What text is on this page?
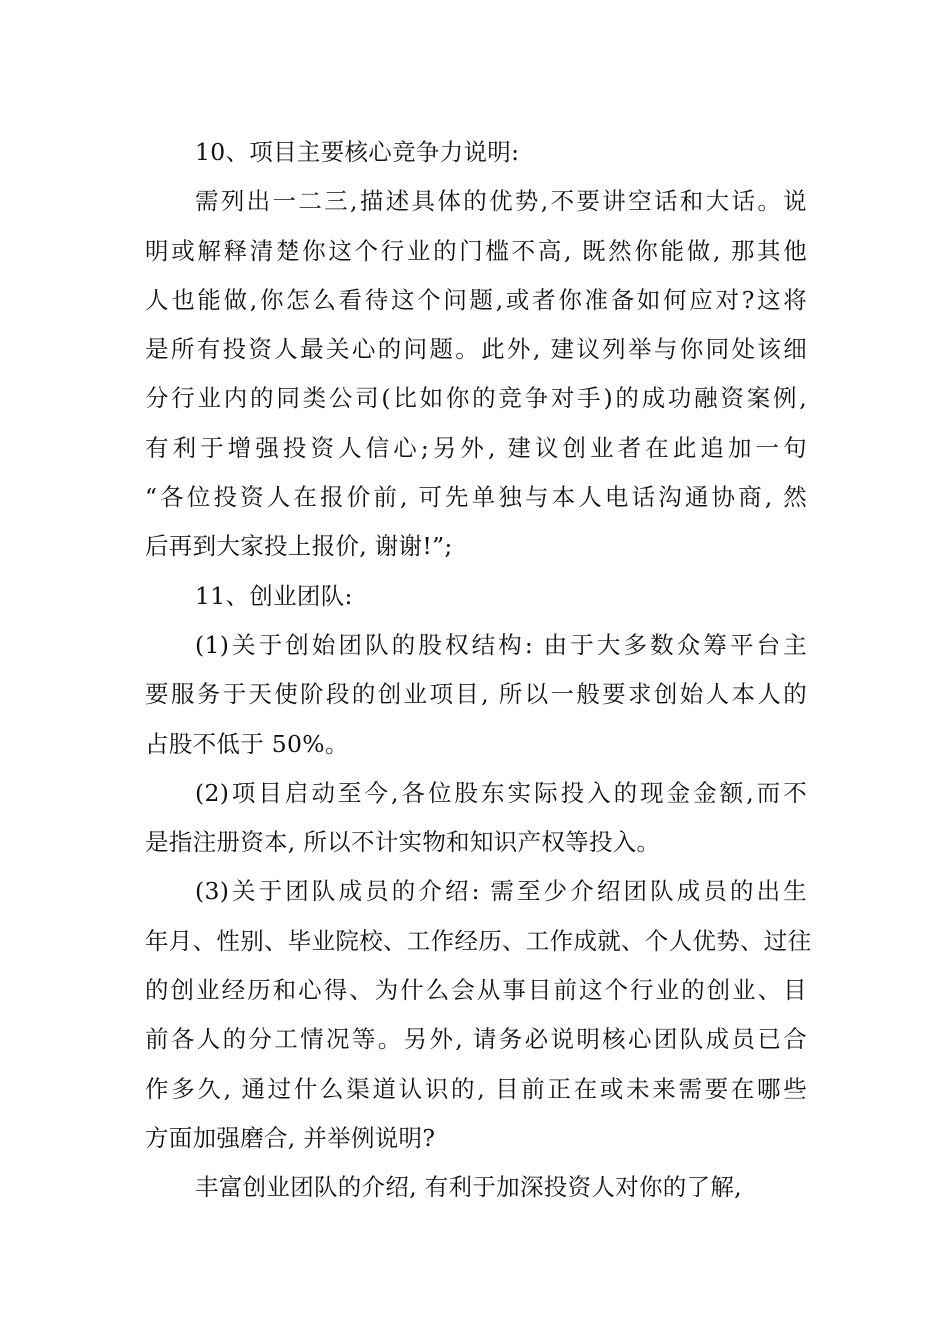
10、项目主要核心竞争力说明:
需列出一二三,描述具体的优势,不要讲空话和大话。说
明或解释清楚你这个行业的门槛不高, 既然你能做, 那其他
人也能做,你怎么看待这个问题,或者你准备如何应对?这将
是所有投资人最关心的问题。此外, 建议列举与你同处该细
分行业内的同类公司(比如你的竞争对手)的成功融资案例,
有利于增强投资人信心;另外, 建议创业者在此追加一句
“各位投资人在报价前, 可先单独与本人电话沟通协商, 然
后再到大家投上报价, 谢谢!”;
11、创业团队:
(1)关于创始团队的股权结构: 由于大多数众筹平台主
要服务于天使阶段的创业项目, 所以一般要求创始人本人的
占股不低于 50%。
(2)项目启动至今,各位股东实际投入的现金金额,而不
是指注册资本, 所以不计实物和知识产权等投入。
(3)关于团队成员的介绍: 需至少介绍团队成员的出生
年月、性别、毕业院校、工作经历、工作成就、个人优势、过往
的创业经历和心得、为什么会从事目前这个行业的创业、目
前各人的分工情况等。另外, 请务必说明核心团队成员已合
作多久, 通过什么渠道认识的, 目前正在或未来需要在哪些
方面加强磨合, 并举例说明?
丰富创业团队的介绍, 有利于加深投资人对你的了解,
